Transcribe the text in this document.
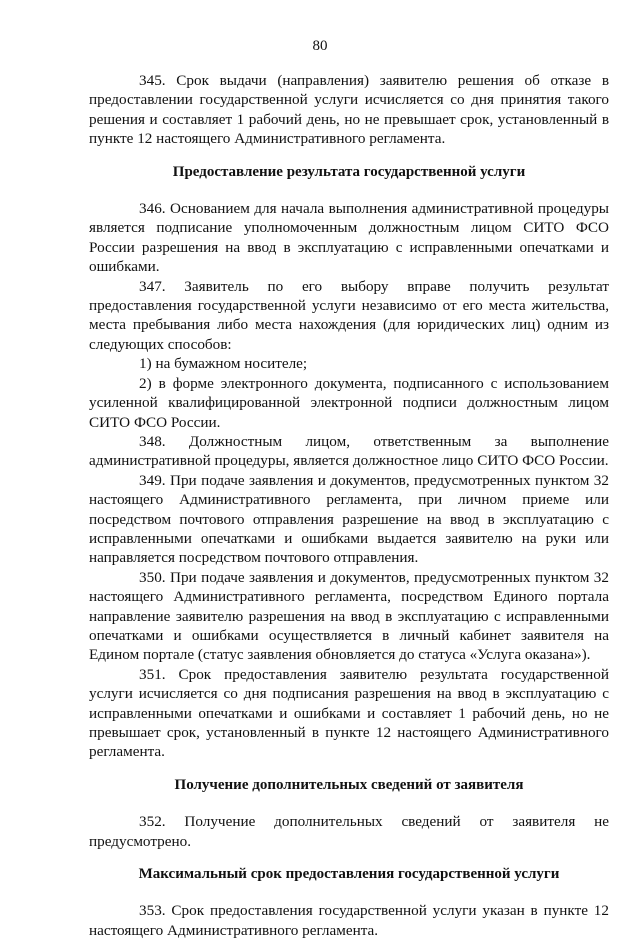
80

345. Срок выдачи (направления) заявителю решения об отказе в предоставлении государственной услуги исчисляется со дня принятия такого решения и составляет 1 рабочий день, но не превышает срок, установленный в пункте 12 настоящего Административного регламента.

Предоставление результата государственной услуги

346. Основанием для начала выполнения административной процедуры является подписание уполномоченным должностным лицом СИТО ФСО России разрешения на ввод в эксплуатацию с исправленными опечатками и ошибками.

347. Заявитель по его выбору вправе получить результат предоставления государственной услуги независимо от его места жительства, места пребывания либо места нахождения (для юридических лиц) одним из следующих способов:

1) на бумажном носителе;

2) в форме электронного документа, подписанного с использованием усиленной квалифицированной электронной подписи должностным лицом СИТО ФСО России.

348. Должностным лицом, ответственным за выполнение административной процедуры, является должностное лицо СИТО ФСО России.

349. При подаче заявления и документов, предусмотренных пунктом 32 настоящего Административного регламента, при личном приеме или посредством почтового отправления разрешение на ввод в эксплуатацию с исправленными опечатками и ошибками выдается заявителю на руки или направляется посредством почтового отправления.

350. При подаче заявления и документов, предусмотренных пунктом 32 настоящего Административного регламента, посредством Единого портала направление заявителю разрешения на ввод в эксплуатацию с исправленными опечатками и ошибками осуществляется в личный кабинет заявителя на Едином портале (статус заявления обновляется до статуса «Услуга оказана»).

351. Срок предоставления заявителю результата государственной услуги исчисляется со дня подписания разрешения на ввод в эксплуатацию с исправленными опечатками и ошибками и составляет 1 рабочий день, но не превышает срок, установленный в пункте 12 настоящего Административного регламента.

Получение дополнительных сведений от заявителя

352. Получение дополнительных сведений от заявителя не предусмотрено.

Максимальный срок предоставления государственной услуги

353. Срок предоставления государственной услуги указан в пункте 12 настоящего Административного регламента.
